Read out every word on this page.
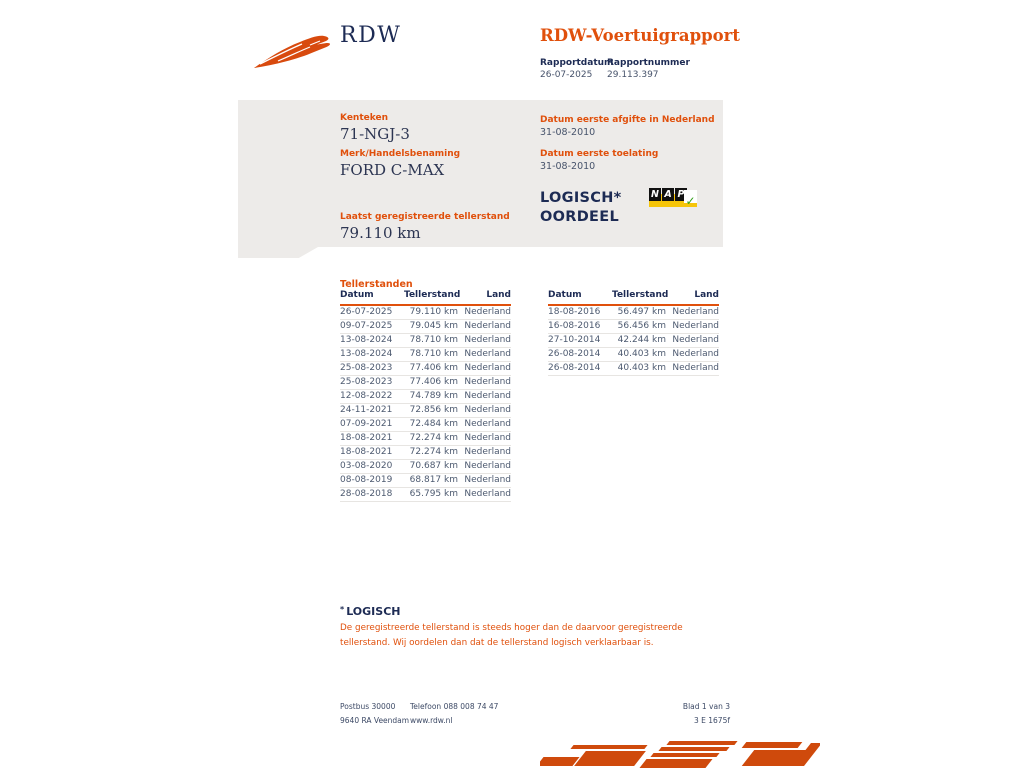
RDW	RDW-Voertuigrapport
Rapportdatum
26-07-2025
Rapportnummer
29.113.397
Kenteken
71-NGJ-3
Merk/Handelsbenaming
FORD C-MAX
Laatst geregistreerde tellerstand
79.110 km
Datum eerste afgifte in Nederland
31-08-2010
Datum eerste toelating
31-08-2010
LOGISCH*
OORDEEL
N A P ✓
Tellerstanden
Datum	Tellerstand	Land
26-07-2025	79.110 km	Nederland
09-07-2025	79.045 km	Nederland
13-08-2024	78.710 km	Nederland
13-08-2024	78.710 km	Nederland
25-08-2023	77.406 km	Nederland
25-08-2023	77.406 km	Nederland
12-08-2022	74.789 km	Nederland
24-11-2021	72.856 km	Nederland
07-09-2021	72.484 km	Nederland
18-08-2021	72.274 km	Nederland
18-08-2021	72.274 km	Nederland
03-08-2020	70.687 km	Nederland
08-08-2019	68.817 km	Nederland
28-08-2018	65.795 km	Nederland
Datum	Tellerstand	Land
18-08-2016	56.497 km	Nederland
16-08-2016	56.456 km	Nederland
27-10-2014	42.244 km	Nederland
26-08-2014	40.403 km	Nederland
26-08-2014	40.403 km	Nederland
* LOGISCH
De geregistreerde tellerstand is steeds hoger dan de daarvoor geregistreerde tellerstand. Wij oordelen dan dat de tellerstand logisch verklaarbaar is.
Postbus 30000
9640 RA Veendam
Telefoon 088 008 74 47
www.rdw.nl
Blad 1 van 3
3 E 1675f
